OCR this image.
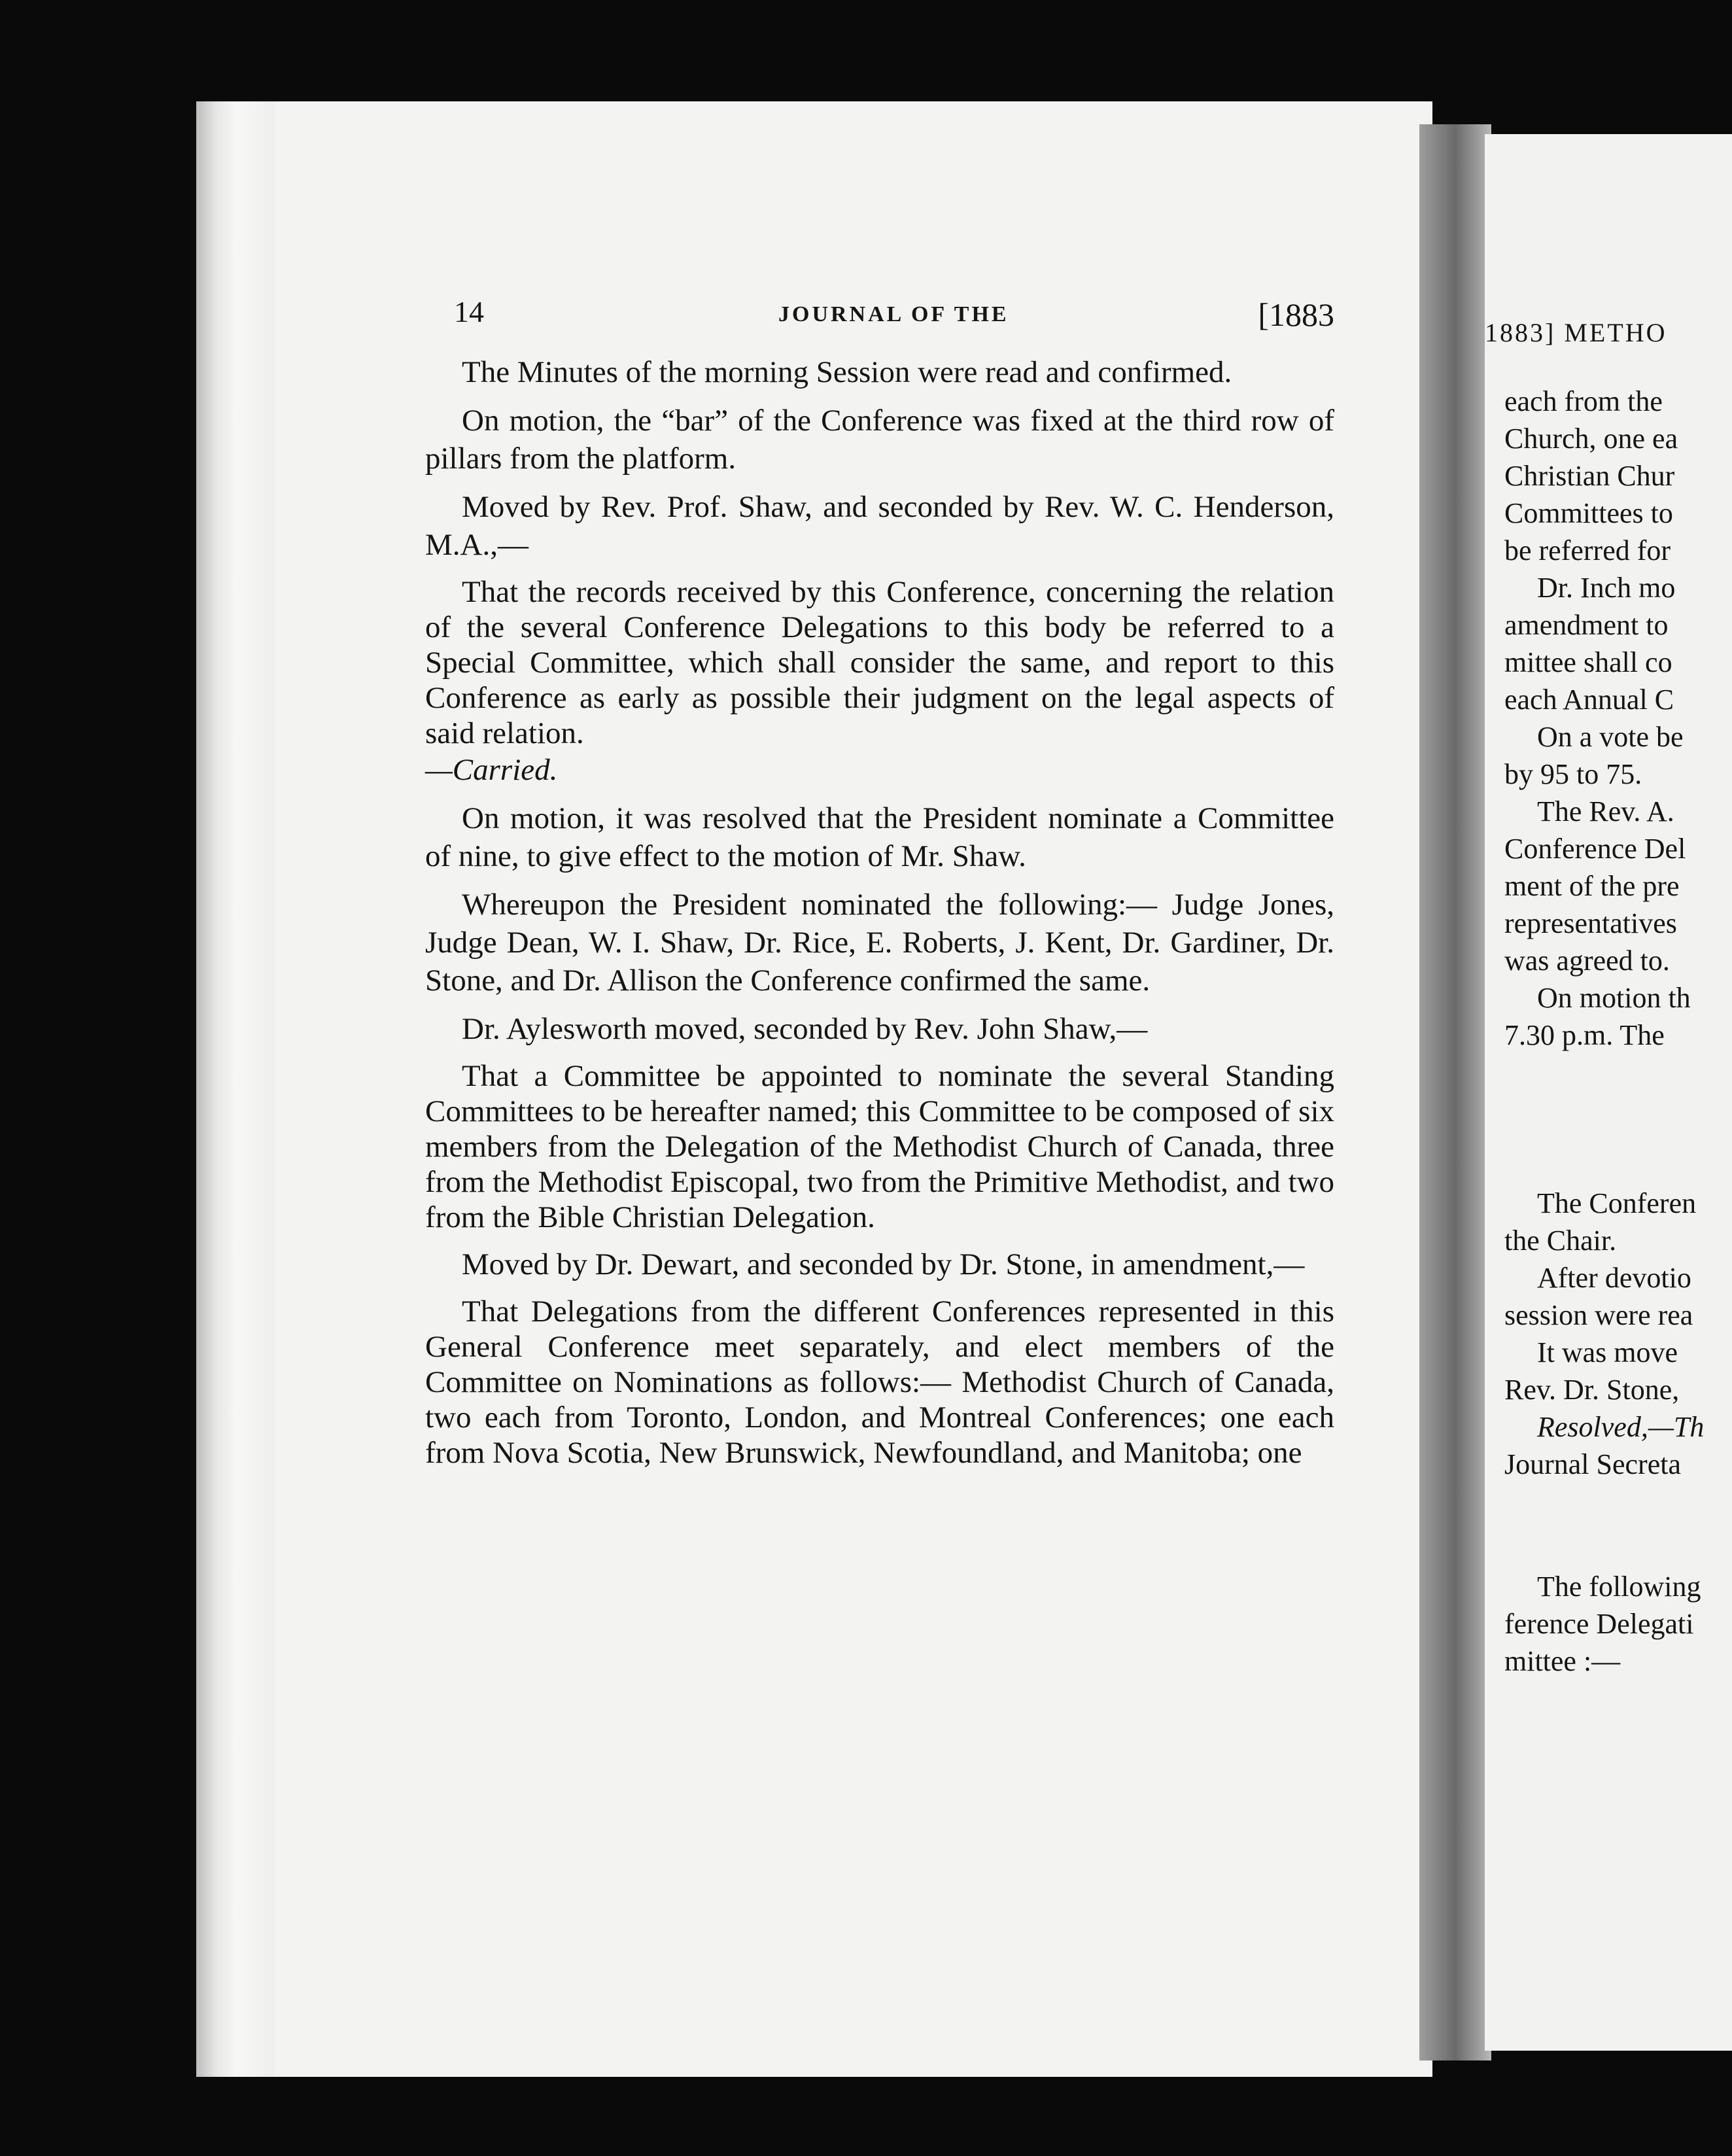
1883] METHO
each from the
Church, one ea
Christian Chur
Committees to
be referred for
Dr. Inch mo
amendment to
mittee shall co
each Annual C
On a vote be
by 95 to 75.
The Rev. A.
Conference Del
ment of the pre
representatives
was agreed to.
On motion th
7.30 p.m. The
The Conferen
the Chair.
After devotio
session were rea
It was move
Rev. Dr. Stone,
Resolved,—Th
Journal Secreta
The following
ference Delegati
mittee :—
14	JOURNAL OF THE	[1883

The Minutes of the morning Session were read and confirmed.

On motion, the “bar” of the Conference was fixed at the third row of pillars from the platform.

Moved by Rev. Prof. Shaw, and seconded by Rev. W. C. Henderson, M.A.,—

That the records received by this Conference, concerning the relation of the several Conference Delegations to this body be referred to a Special Committee, which shall consider the same, and report to this Conference as early as possible their judgment on the legal aspects of said relation.

—Carried.

On motion, it was resolved that the President nominate a Committee of nine, to give effect to the motion of Mr. Shaw.

Whereupon the President nominated the following:— Judge Jones, Judge Dean, W. I. Shaw, Dr. Rice, E. Roberts, J. Kent, Dr. Gardiner, Dr. Stone, and Dr. Allison the Conference confirmed the same.

Dr. Aylesworth moved, seconded by Rev. John Shaw,—

That a Committee be appointed to nominate the several Standing Committees to be hereafter named; this Committee to be composed of six members from the Delegation of the Methodist Church of Canada, three from the Methodist Episcopal, two from the Primitive Methodist, and two from the Bible Christian Delegation.

Moved by Dr. Dewart, and seconded by Dr. Stone, in amendment,—

That Delegations from the different Conferences represented in this General Conference meet separately, and elect members of the Committee on Nominations as follows:— Methodist Church of Canada, two each from Toronto, London, and Montreal Conferences; one each from Nova Scotia, New Brunswick, Newfoundland, and Manitoba; one
